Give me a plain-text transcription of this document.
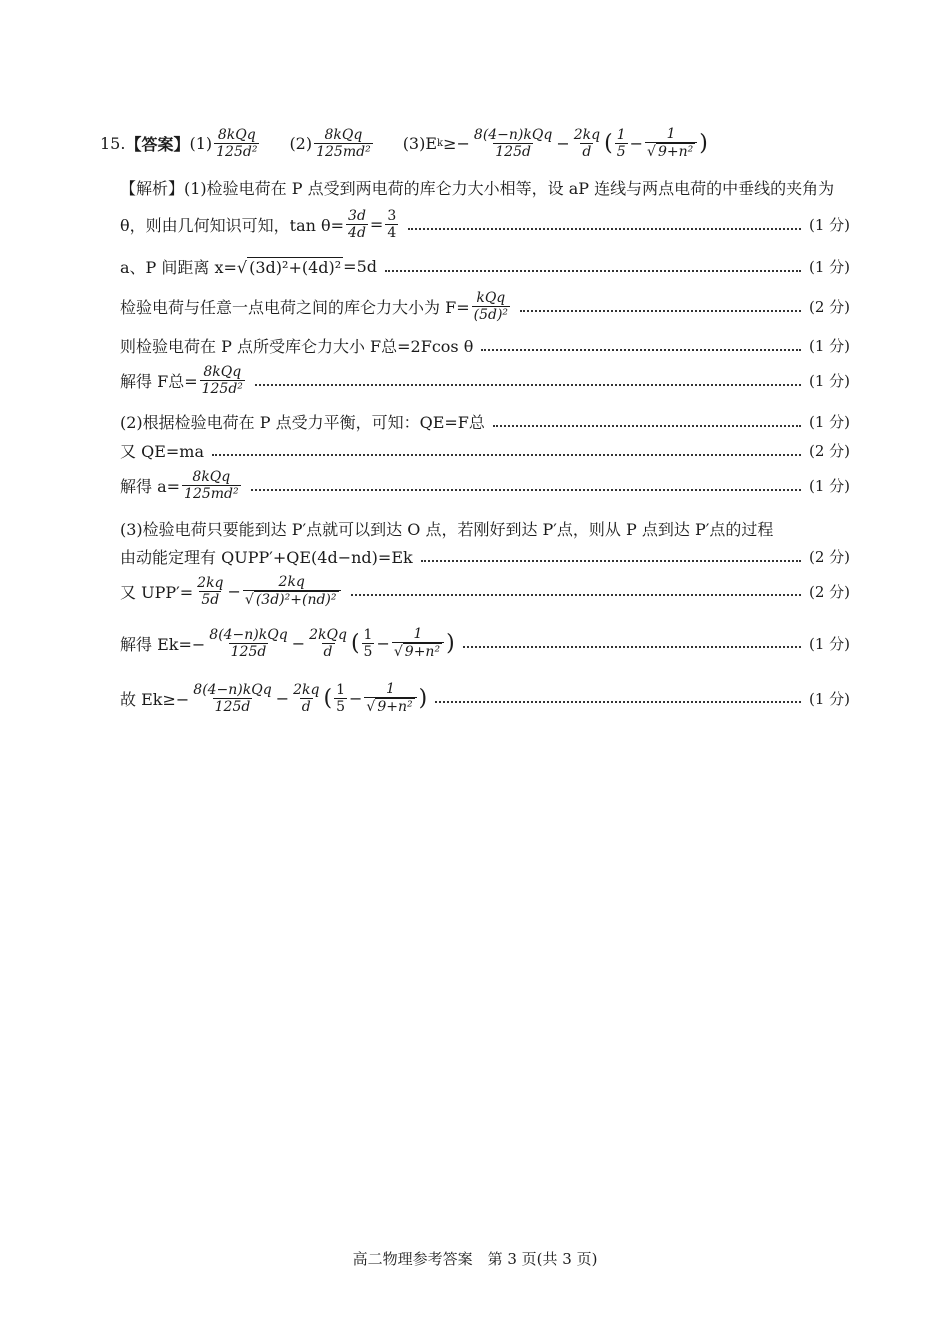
15. 【答案】 $(1) \frac{\text{8kQq}}{\text{125d²}} (2) \frac{\text{8kQq}}{\text{125md²}} (3)E$ $k \ge- \frac{\text{8(4−n)kQq}}{125d} - \frac{2kq}{d}$ ( $\frac{1}{5} - \frac{1}{\text{√ 9+n²}}$ )
【解析】(1)检验电荷在 P 点受到两电荷的库仑力大小相等，设 aP 连线与两点电荷的中垂线的夹角为
θ，则由几何知识可知，$\tan \theta= \frac{3d}{4d} = \frac{3}{4}$	(1 分)
a、P 间距离 x= √ (3d)²+(4d)² =5d	(1 分)
检验电荷与任意一点电荷之间的库仑力大小为 $F= \frac{\text{kQq}}{\text{(5d)²}}$	(2 分)
则检验电荷在 P 点所受库仑力大小 F总=2Fcos θ	(1 分)
解得 F总= $\frac{\text{8kQq}}{\text{125d²}}$	(1 分)
(2)根据检验电荷在 P 点受力平衡，可知：QE=F总	(1 分)
又 QE=ma	(2 分)
解得 $a= \frac{\text{8kQq}}{\text{125md²}}$	(1 分)
(3)检验电荷只要能到达 P′点就可以到达 O 点，若刚好到达 P′点，则从 P 点到达 P′点的过程
由动能定理有 QUPP′+QE(4d−nd)=Ek	(2 分)
又 $UPP'= \frac{2kq}{5d} - \frac{2kq}{\text{√ (3d)²+(nd)²}}$	(2 分)
解得 $Ek=- \frac{\text{8(4−n)kQq}}{125d} - \frac{\text{2kQq}}{d}$ ( $\frac{1}{5} - \frac{1}{\text{√ 9+n²}}$ )	(1 分)
故 $Ek\ge- \frac{\text{8(4−n)kQq}}{125d} - \frac{2kq}{d}$ ( $\frac{1}{5} - \frac{1}{\text{√ 9+n²}}$ )	(1 分)
高二物理参考答案　第 3 页(共 3 页)
